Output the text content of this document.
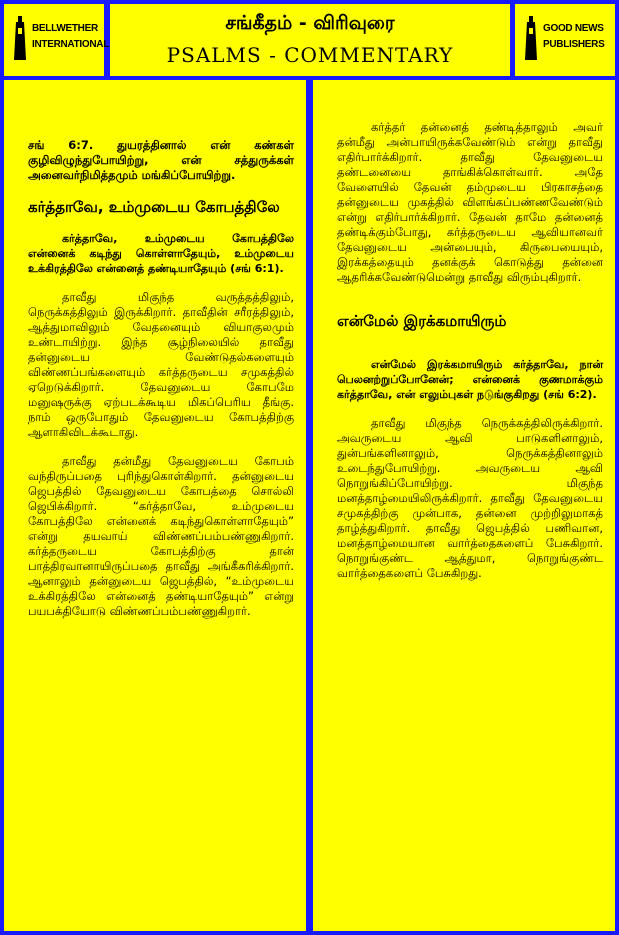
BELLWETHER
INTERNATIONAL
சங்கீதம் - விரிவுரை
PSALMS - COMMENTARY
GOOD NEWS
PUBLISHERS

சங் 6:7. துயரத்தினால் என் கண்கள் குழிவிழுந்துபோயிற்று, என் சத்துருக்கள் அனைவர்நிமித்தமும் மங்கிப்போயிற்று.

கர்த்தாவே, உம்முடைய கோபத்திலே

கர்த்தாவே, உம்முடைய கோபத்திலே என்னைக் கடிந்து கொள்ளாதேயும், உம்முடைய உக்கிரத்திலே என்னைத் தண்டியாதேயும் (சங் 6:1).

தாவீது மிகுந்த வருத்தத்திலும், நெருக்கத்திலும் இருக்கிறார். தாவீதின் சரீரத்திலும், ஆத்துமாவிலும் வேதனையும் வியாகுலமும் உண்டாயிற்று. இந்த சூழ்நிலையில் தாவீது தன்னுடைய வேண்டுதல்களையும் விண்ணப்பங்களையும் கர்த்தருடைய சமுகத்தில் ஏறெடுக்கிறார். தேவனுடைய கோபமே மனுஷருக்கு ஏற்படக்கூடிய மிகப்பெரிய தீங்கு. நாம் ஒருபோதும் தேவனுடைய கோபத்திற்கு ஆளாகிவிடக்கூடாது.

தாவீது தன்மீது தேவனுடைய கோபம் வந்திருப்பதை புரிந்துகொள்கிறார். தன்னுடைய ஜெபத்தில் தேவனுடைய கோபத்தை சொல்லி ஜெபிக்கிறார். “கர்த்தாவே, உம்முடைய கோபத்திலே என்னைக் கடிந்துகொள்ளாதேயும்” என்று தயவாய் விண்ணப்பம்பண்ணுகிறார். கர்த்தருடைய கோபத்திற்கு தான் பாத்திரவானாயிருப்பதை தாவீது அங்கீகரிக்கிறார். ஆனாலும் தன்னுடைய ஜெபத்தில், “உம்முடைய உக்கிரத்திலே என்னைத் தண்டியாதேயும்” என்று பயபக்தியோடு விண்ணப்பம்பண்ணுகிறார்.

கர்த்தர் தன்னைத் தண்டித்தாலும் அவர் தன்மீது அன்பாயிருக்கவேண்டும் என்று தாவீது எதிர்பார்க்கிறார். தாவீது தேவனுடைய தண்டனையை தாங்கிக்கொள்வார். அதே வேளையில் தேவன் தம்முடைய பிரகாசத்தை தன்னுடைய முகத்தில் விளங்கப்பண்ணவேண்டும் என்று எதிர்பார்க்கிறார். தேவன் தாமே தன்னைத் தண்டிக்கும்போது, கர்த்தருடைய ஆவியானவர் தேவனுடைய அன்பையும், கிருபையையும், இரக்கத்தையும் தனக்குக் கொடுத்து தன்னை ஆதரிக்கவேண்டுமென்று தாவீது விரும்புகிறார்.

என்மேல் இரக்கமாயிரும்

என்மேல் இரக்கமாயிரும் கர்த்தாவே, நான் பெலனற்றுப்போனேன்; என்னைக் குணமாக்கும் கர்த்தாவே, என் எலும்புகள் நடுங்குகிறது (சங் 6:2).

தாவீது மிகுந்த நெருக்கத்திலிருக்கிறார். அவருடைய ஆவி பாடுகளினாலும், துன்பங்களினாலும், நெருக்கத்தினாலும் உடைந்துபோயிற்று. அவருடைய ஆவி நொறுங்கிப்போயிற்று. மிகுந்த மனத்தாழ்மையிலிருக்கிறார். தாவீது தேவனுடைய சமுகத்திற்கு முன்பாக, தன்னை முற்றிலுமாகத் தாழ்த்துகிறார். தாவீது ஜெபத்தில் பணிவான, மனத்தாழ்மையான வார்த்தைகளைப் பேசுகிறார். நொறுங்குண்ட ஆத்துமா, நொறுங்குண்ட வார்த்தைகளைப் பேசுகிறது.
